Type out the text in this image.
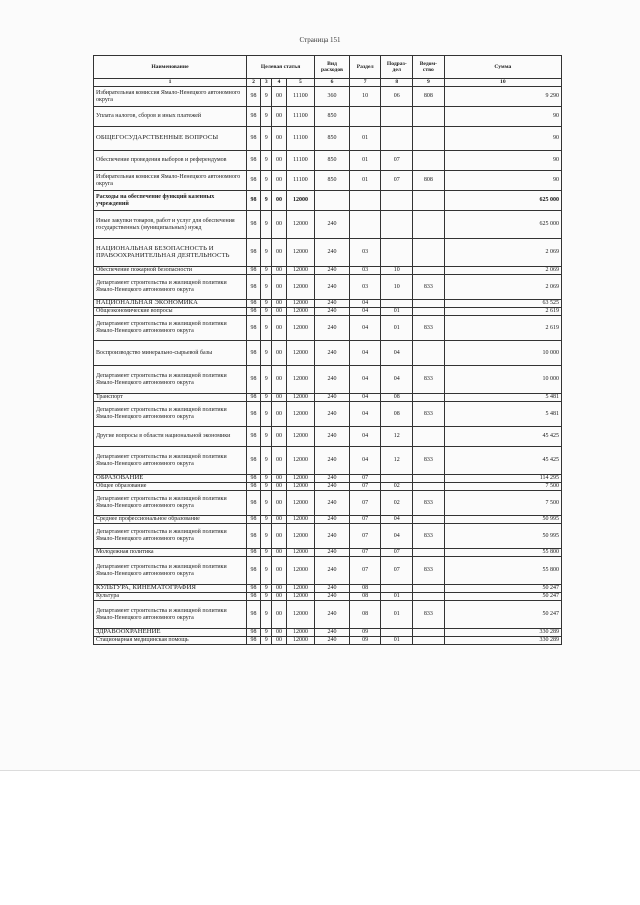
Страница 151
Наименование	Целевая статья				Вид расходов	Раздел	Подраз-дел	Ведом-ство	Сумма
1	2	3	4	5	6	7	8	9	10
Избирательная комиссия Ямало-Ненецкого автономного округа	98	9	00	11100	360	10	06	808	9 290
Уплата налогов, сборов и иных платежей	98	9	00	11100	850				90
ОБЩЕГОСУДАРСТВЕННЫЕ ВОПРОСЫ	98	9	00	11100	850	01			90
Обеспечение проведения выборов и референдумов	98	9	00	11100	850	01	07		90
Избирательная комиссия Ямало-Ненецкого автономного округа	98	9	00	11100	850	01	07	808	90
Расходы на обеспечение функций казенных учреждений	98	9	00	12000					625 000
Иные закупки товаров, работ и услуг для обеспечения государственных (муниципальных) нужд	98	9	00	12000	240				625 000
НАЦИОНАЛЬНАЯ БЕЗОПАСНОСТЬ И ПРАВООХРАНИТЕЛЬНАЯ ДЕЯТЕЛЬНОСТЬ	98	9	00	12000	240	03			2 069
Обеспечение пожарной безопасности	98	9	00	12000	240	03	10		2 069
Департамент строительства и жилищной политики Ямало-Ненецкого автономного округа	98	9	00	12000	240	03	10	833	2 069
НАЦИОНАЛЬНАЯ ЭКОНОМИКА	98	9	00	12000	240	04			63 525
Общеэкономические вопросы	98	9	00	12000	240	04	01		2 619
Департамент строительства и жилищной политики Ямало-Ненецкого автономного округа	98	9	00	12000	240	04	01	833	2 619
Воспроизводство минерально-сырьевой базы	98	9	00	12000	240	04	04		10 000
Департамент строительства и жилищной политики Ямало-Ненецкого автономного округа	98	9	00	12000	240	04	04	833	10 000
Транспорт	98	9	00	12000	240	04	08		5 481
Департамент строительства и жилищной политики Ямало-Ненецкого автономного округа	98	9	00	12000	240	04	08	833	5 481
Другие вопросы в области национальной экономики	98	9	00	12000	240	04	12		45 425
Департамент строительства и жилищной политики Ямало-Ненецкого автономного округа	98	9	00	12000	240	04	12	833	45 425
ОБРАЗОВАНИЕ	98	9	00	12000	240	07			114 295
Общее образование	98	9	00	12000	240	07	02		7 500
Департамент строительства и жилищной политики Ямало-Ненецкого автономного округа	98	9	00	12000	240	07	02	833	7 500
Среднее профессиональное образование	98	9	00	12000	240	07	04		50 995
Департамент строительства и жилищной политики Ямало-Ненецкого автономного округа	98	9	00	12000	240	07	04	833	50 995
Молодежная политика	98	9	00	12000	240	07	07		55 800
Департамент строительства и жилищной политики Ямало-Ненецкого автономного округа	98	9	00	12000	240	07	07	833	55 800
КУЛЬТУРА, КИНЕМАТОГРАФИЯ	98	9	00	12000	240	08			50 247
Культура	98	9	00	12000	240	08	01		50 247
Департамент строительства и жилищной политики Ямало-Ненецкого автономного округа	98	9	00	12000	240	08	01	833	50 247
ЗДРАВООХРАНЕНИЕ	98	9	00	12000	240	09			330 289
Стационарная медицинская помощь	98	9	00	12000	240	09	01		330 289
